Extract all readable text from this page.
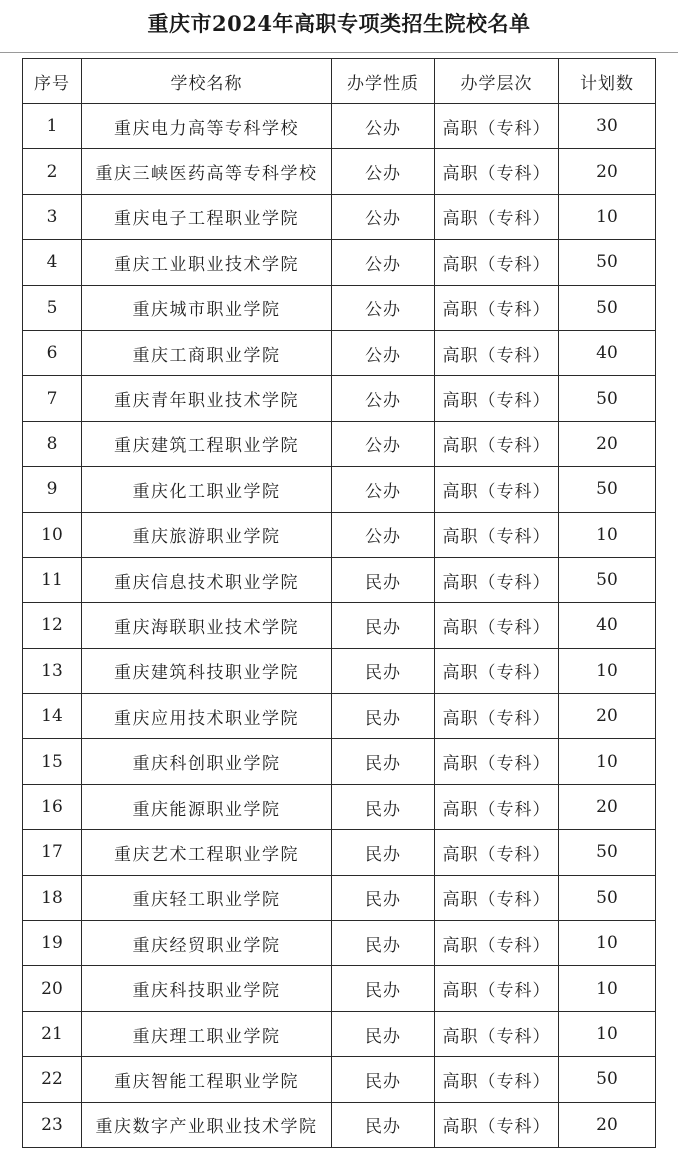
重庆市2024年高职专项类招生院校名单
序号	学校名称	办学性质	办学层次	计划数
1	重庆电力高等专科学校	公办	高职（专科）	30
2	重庆三峡医药高等专科学校	公办	高职（专科）	20
3	重庆电子工程职业学院	公办	高职（专科）	10
4	重庆工业职业技术学院	公办	高职（专科）	50
5	重庆城市职业学院	公办	高职（专科）	50
6	重庆工商职业学院	公办	高职（专科）	40
7	重庆青年职业技术学院	公办	高职（专科）	50
8	重庆建筑工程职业学院	公办	高职（专科）	20
9	重庆化工职业学院	公办	高职（专科）	50
10	重庆旅游职业学院	公办	高职（专科）	10
11	重庆信息技术职业学院	民办	高职（专科）	50
12	重庆海联职业技术学院	民办	高职（专科）	40
13	重庆建筑科技职业学院	民办	高职（专科）	10
14	重庆应用技术职业学院	民办	高职（专科）	20
15	重庆科创职业学院	民办	高职（专科）	10
16	重庆能源职业学院	民办	高职（专科）	20
17	重庆艺术工程职业学院	民办	高职（专科）	50
18	重庆轻工职业学院	民办	高职（专科）	50
19	重庆经贸职业学院	民办	高职（专科）	10
20	重庆科技职业学院	民办	高职（专科）	10
21	重庆理工职业学院	民办	高职（专科）	10
22	重庆智能工程职业学院	民办	高职（专科）	50
23	重庆数字产业职业技术学院	民办	高职（专科）	20
